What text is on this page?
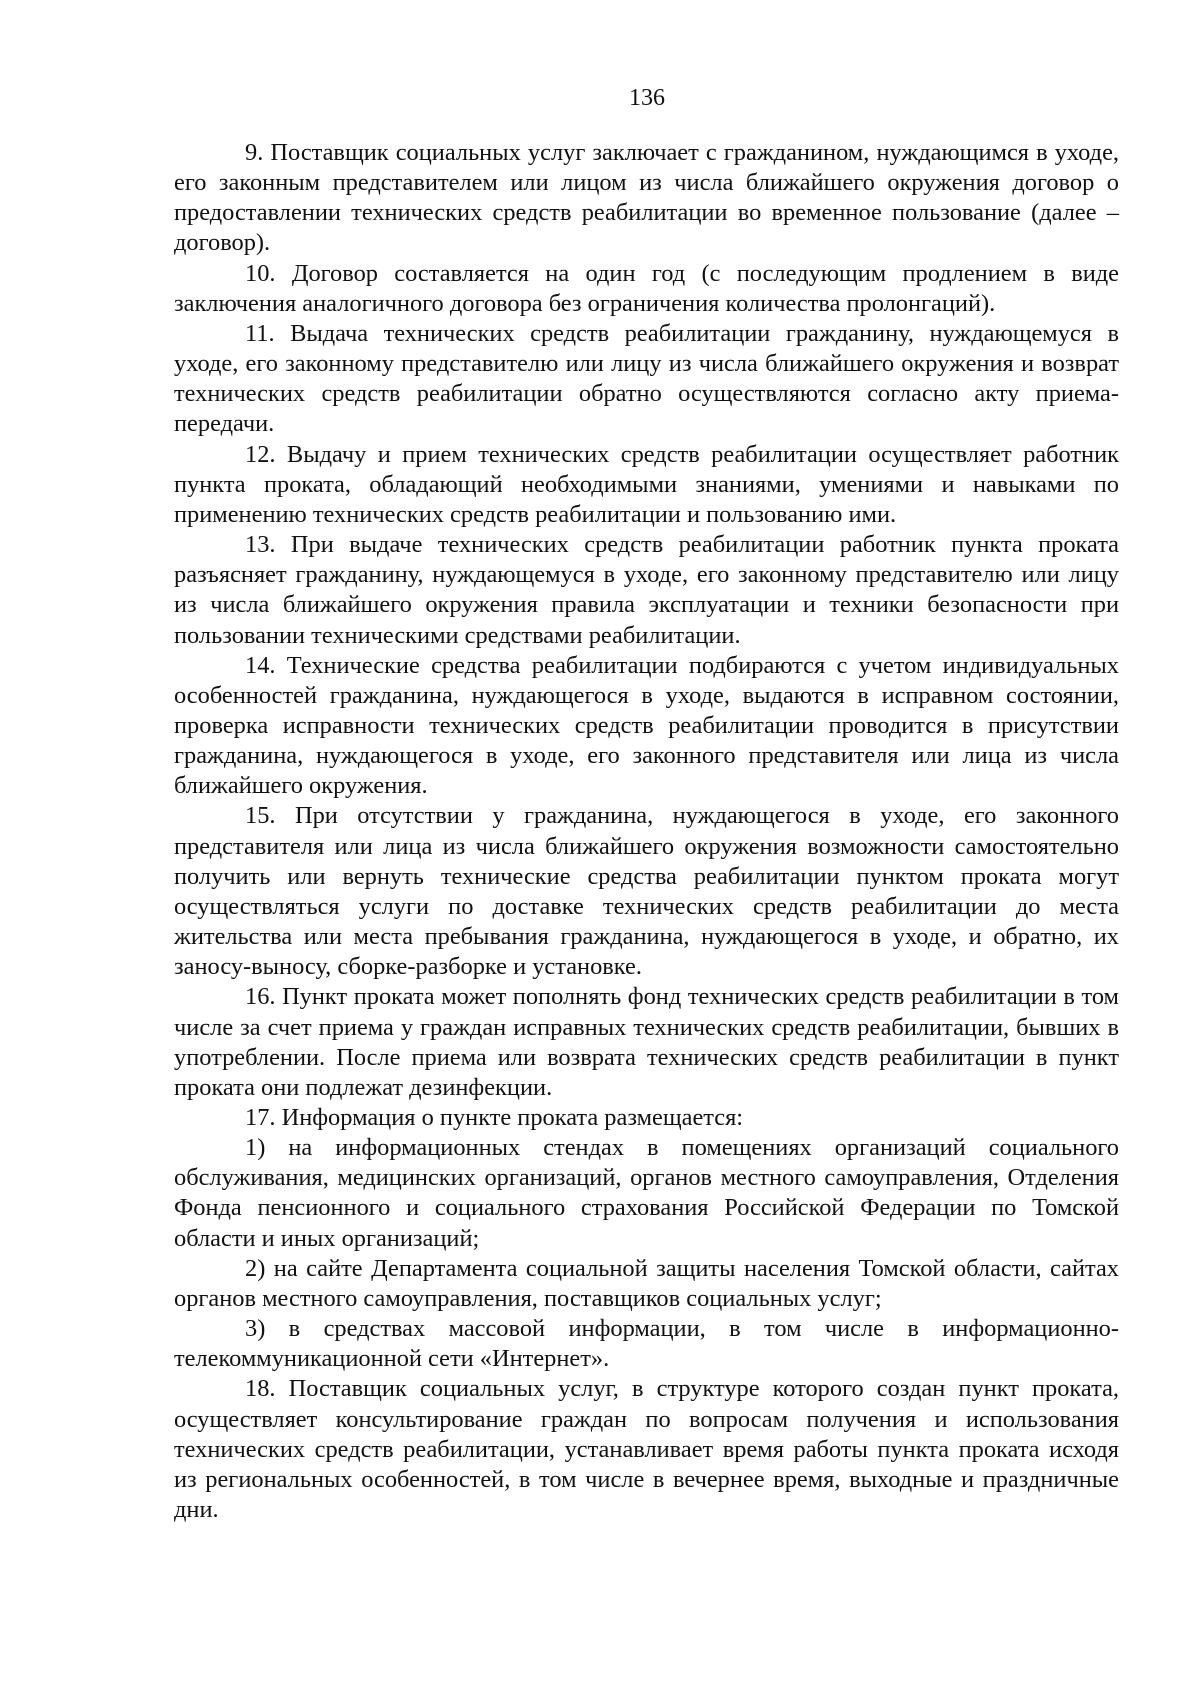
136

9. Поставщик социальных услуг заключает с гражданином, нуждающимся в уходе, его законным представителем или лицом из числа ближайшего окружения договор о предоставлении технических средств реабилитации во временное пользование (далее – договор).

10. Договор составляется на один год (с последующим продлением в виде заключения аналогичного договора без ограничения количества пролонгаций).

11. Выдача технических средств реабилитации гражданину, нуждающемуся в уходе, его законному представителю или лицу из числа ближайшего окружения и возврат технических средств реабилитации обратно осуществляются согласно акту приема-передачи.

12. Выдачу и прием технических средств реабилитации осуществляет работник пункта проката, обладающий необходимыми знаниями, умениями и навыками по применению технических средств реабилитации и пользованию ими.

13. При выдаче технических средств реабилитации работник пункта проката разъясняет гражданину, нуждающемуся в уходе, его законному представителю или лицу из числа ближайшего окружения правила эксплуатации и техники безопасности при пользовании техническими средствами реабилитации.

14. Технические средства реабилитации подбираются с учетом индивидуальных особенностей гражданина, нуждающегося в уходе, выдаются в исправном состоянии, проверка исправности технических средств реабилитации проводится в присутствии гражданина, нуждающегося в уходе, его законного представителя или лица из числа ближайшего окружения.

15. При отсутствии у гражданина, нуждающегося в уходе, его законного представителя или лица из числа ближайшего окружения возможности самостоятельно получить или вернуть технические средства реабилитации пунктом проката могут осуществляться услуги по доставке технических средств реабилитации до места жительства или места пребывания гражданина, нуждающегося в уходе, и обратно, их заносу-выносу, сборке-разборке и установке.

16. Пункт проката может пополнять фонд технических средств реабилитации в том числе за счет приема у граждан исправных технических средств реабилитации, бывших в употреблении. После приема или возврата технических средств реабилитации в пункт проката они подлежат дезинфекции.

17. Информация о пункте проката размещается:

1) на информационных стендах в помещениях организаций социального обслуживания, медицинских организаций, органов местного самоуправления, Отделения Фонда пенсионного и социального страхования Российской Федерации по Томской области и иных организаций;

2) на сайте Департамента социальной защиты населения Томской области, сайтах органов местного самоуправления, поставщиков социальных услуг;

3) в средствах массовой информации, в том числе в информационно-телекоммуникационной сети «Интернет».

18. Поставщик социальных услуг, в структуре которого создан пункт проката, осуществляет консультирование граждан по вопросам получения и использования технических средств реабилитации, устанавливает время работы пункта проката исходя из региональных особенностей, в том числе в вечернее время, выходные и праздничные дни.
